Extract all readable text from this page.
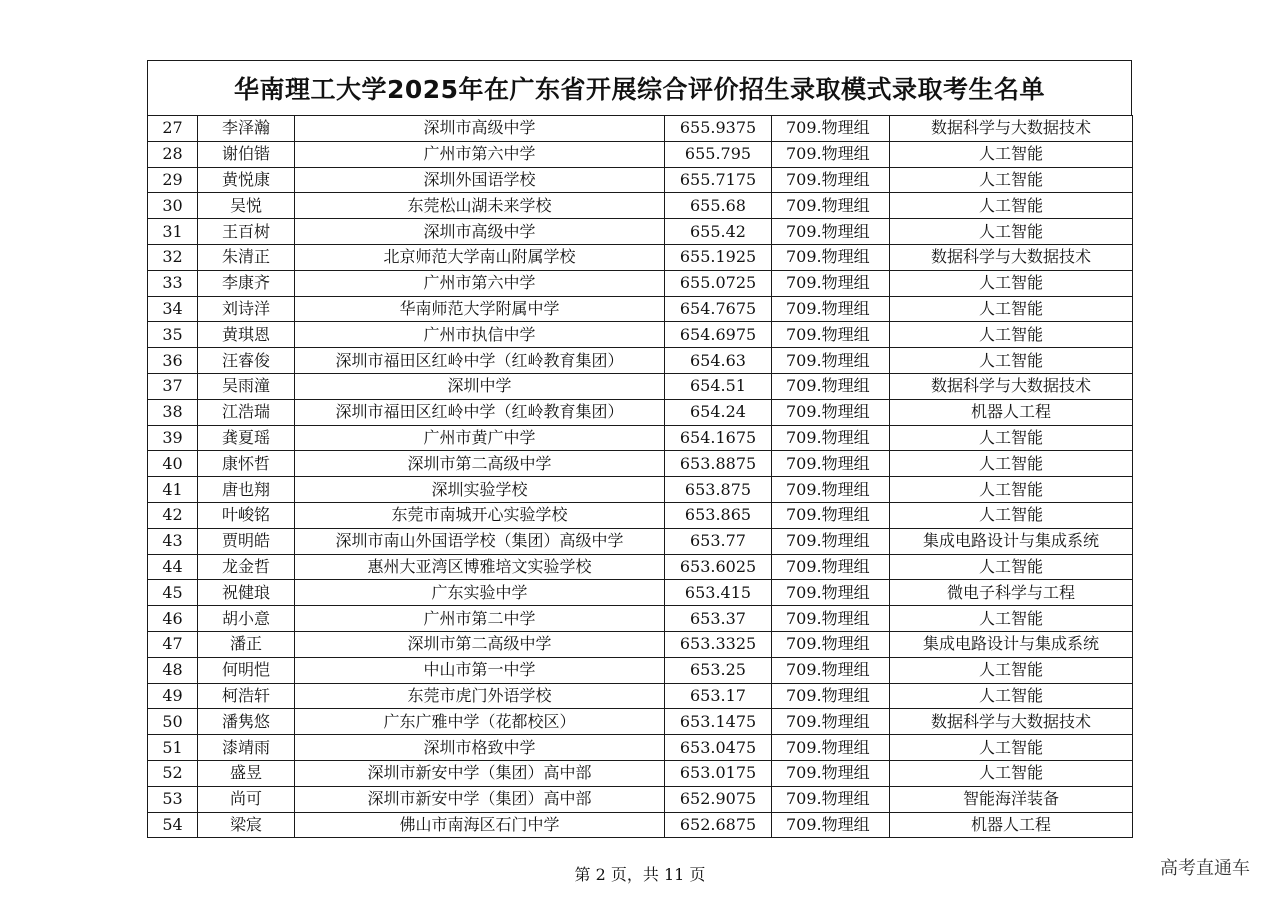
华南理工大学2025年在广东省开展综合评价招生录取模式录取考生名单
27	李泽瀚	深圳市高级中学	655.9375	709.物理组	数据科学与大数据技术
28	谢伯锴	广州市第六中学	655.795	709.物理组	人工智能
29	黄悦康	深圳外国语学校	655.7175	709.物理组	人工智能
30	吴悦	东莞松山湖未来学校	655.68	709.物理组	人工智能
31	王百树	深圳市高级中学	655.42	709.物理组	人工智能
32	朱清正	北京师范大学南山附属学校	655.1925	709.物理组	数据科学与大数据技术
33	李康齐	广州市第六中学	655.0725	709.物理组	人工智能
34	刘诗洋	华南师范大学附属中学	654.7675	709.物理组	人工智能
35	黄琪恩	广州市执信中学	654.6975	709.物理组	人工智能
36	汪睿俊	深圳市福田区红岭中学（红岭教育集团）	654.63	709.物理组	人工智能
37	吴雨潼	深圳中学	654.51	709.物理组	数据科学与大数据技术
38	江浩瑞	深圳市福田区红岭中学（红岭教育集团）	654.24	709.物理组	机器人工程
39	龚夏瑶	广州市黄广中学	654.1675	709.物理组	人工智能
40	康怀哲	深圳市第二高级中学	653.8875	709.物理组	人工智能
41	唐也翔	深圳实验学校	653.875	709.物理组	人工智能
42	叶峻铭	东莞市南城开心实验学校	653.865	709.物理组	人工智能
43	贾明皓	深圳市南山外国语学校（集团）高级中学	653.77	709.物理组	集成电路设计与集成系统
44	龙金哲	惠州大亚湾区博雅培文实验学校	653.6025	709.物理组	人工智能
45	祝健琅	广东实验中学	653.415	709.物理组	微电子科学与工程
46	胡小意	广州市第二中学	653.37	709.物理组	人工智能
47	潘正	深圳市第二高级中学	653.3325	709.物理组	集成电路设计与集成系统
48	何明恺	中山市第一中学	653.25	709.物理组	人工智能
49	柯浩轩	东莞市虎门外语学校	653.17	709.物理组	人工智能
50	潘隽悠	广东广雅中学（花都校区）	653.1475	709.物理组	数据科学与大数据技术
51	漆靖雨	深圳市格致中学	653.0475	709.物理组	人工智能
52	盛昱	深圳市新安中学（集团）高中部	653.0175	709.物理组	人工智能
53	尚可	深圳市新安中学（集团）高中部	652.9075	709.物理组	智能海洋装备
54	梁宸	佛山市南海区石门中学	652.6875	709.物理组	机器人工程
第 2 页，共 11 页	高考直通车
